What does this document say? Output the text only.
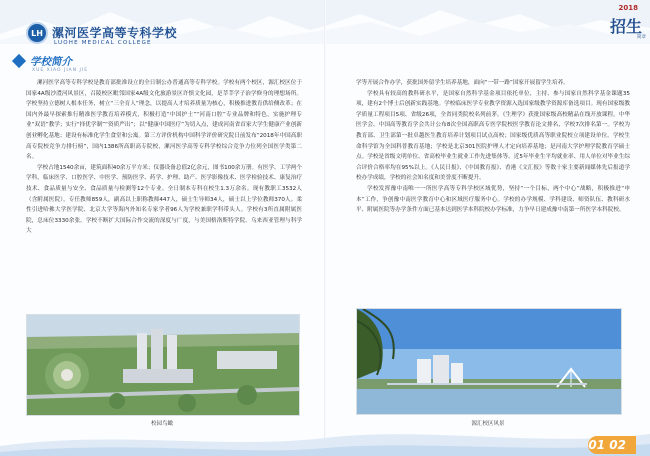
LH 漯河医学高等专科学校
LUOHE MEDICAL COLLEGE
学校简介
XUE XIAO JIAN JIE
2018
招生
简章

漯河医学高等专科学校是教育部批准设立的全日制公办普通高等专科学校。学校有两个校区，源汇校区位于国家4A级沙澧河风景区，召陵校区毗邻国家4A级文化旅游景区许慎文化园，是莘莘学子治学修身的理想场所。学校坚持立德树人根本任务，树立“三全育人”理念，以提高人才培养质量为核心，积极推进教育供给侧改革；在国内外最早探索推行精准医学教育培养模式，积极打造“中国护士”“河南口腔”专业品牌和特色，实施护理专业“双语”教学；实行“择优学制”“资质严出”；以“健康中国医疗”为切入点，建成河南省首家大学生健康产业创新创业孵化基地；建设有标准化学生食堂和公寓。第三方评价机构中国科学评价研究院日前发布“2018年中国高职高专院校竞争力排行榜”，国内1386所高职高专院校，漯河医学高等专科学校综合竞争力位列全国医学类第二名。

学校占地1540余亩，建筑面积40余万平方米；仪器设备总值2亿余元，图书100余万册。有医学、工学两个学科，临床医学、口腔医学、中医学、预防医学、药学、护理、助产、医学影像技术、医学检验技术、康复治疗技术、食品质量与安全、食品质量与检测等12个专业。全日制本专科在校生1.3万余名。现有教职工3532人（含附属医院），专任教师859人，副高以上职称教师447人，硕士生导师34人，硕士以上学位教师370人。柔性引进哈佛大学医学院、北京大学等海内外知名专家学者96人为学校兼职学科带头人。学校有3所直属附属医院，总床位3330余张。学校不断扩大国际合作交流的深度与广度，与美国格洛斯特学院、乌来西亚管理与科学大

学等开展合作办学，获批国外留学生培养基地，面向“一带一路”国家开展留学生培养。

学校具有较高的教科研水平，是国家自然科学基金项目依托单位，主持、参与国家自然科学基金课题35项，建有2个博士后创新实践基地。学校临床医学专业教学资源入选国家级教学资源库备选项目。现有国家级教学质量工程项目5项、省级26项，全省同类院校名列前茅。《生理学》获批国家级高校精品在线开放课程。中华医学会、中国高等教育学会共计公布8次全国高职高专医学院校医学教育论文排名，学校7次排名第一。学校为教育部、卫生部第一批卓越医生教育培养计划项目试点高校；国家级优质高等职业院校立项建设单位。学校生命科学馆为全国科普教育基地；学校是北京301医院护理人才定向培养基地；是河南大学护理学院教育学硕士点。学校是省级文明单位、省高校毕业生就业工作先进集体等。近5年毕业生平均就业率、用人单位对毕业生综合评价合格率均在95%以上。《人民日报》、《中国教育报》、香港《文汇报》等数十家主要新闻媒体先后报道学校办学成绩，学校的社会知名度和美誉度不断提升。

学校发挥豫中南唯一一所医学高等专科学校区域优势，坚持“一个目标，两个中心”战略，积极推进“申本”工作，争创豫中南医学教育中心和区域医疗服务中心。学校的办学规模、学科建设、师资队伍、教科研水平、附属医院等办学条件方面已基本达到医学本科院校办学标准，力争早日建成豫中南第一所医学本科院校。

校园鸟瞰	源汇校区风景
01 02
